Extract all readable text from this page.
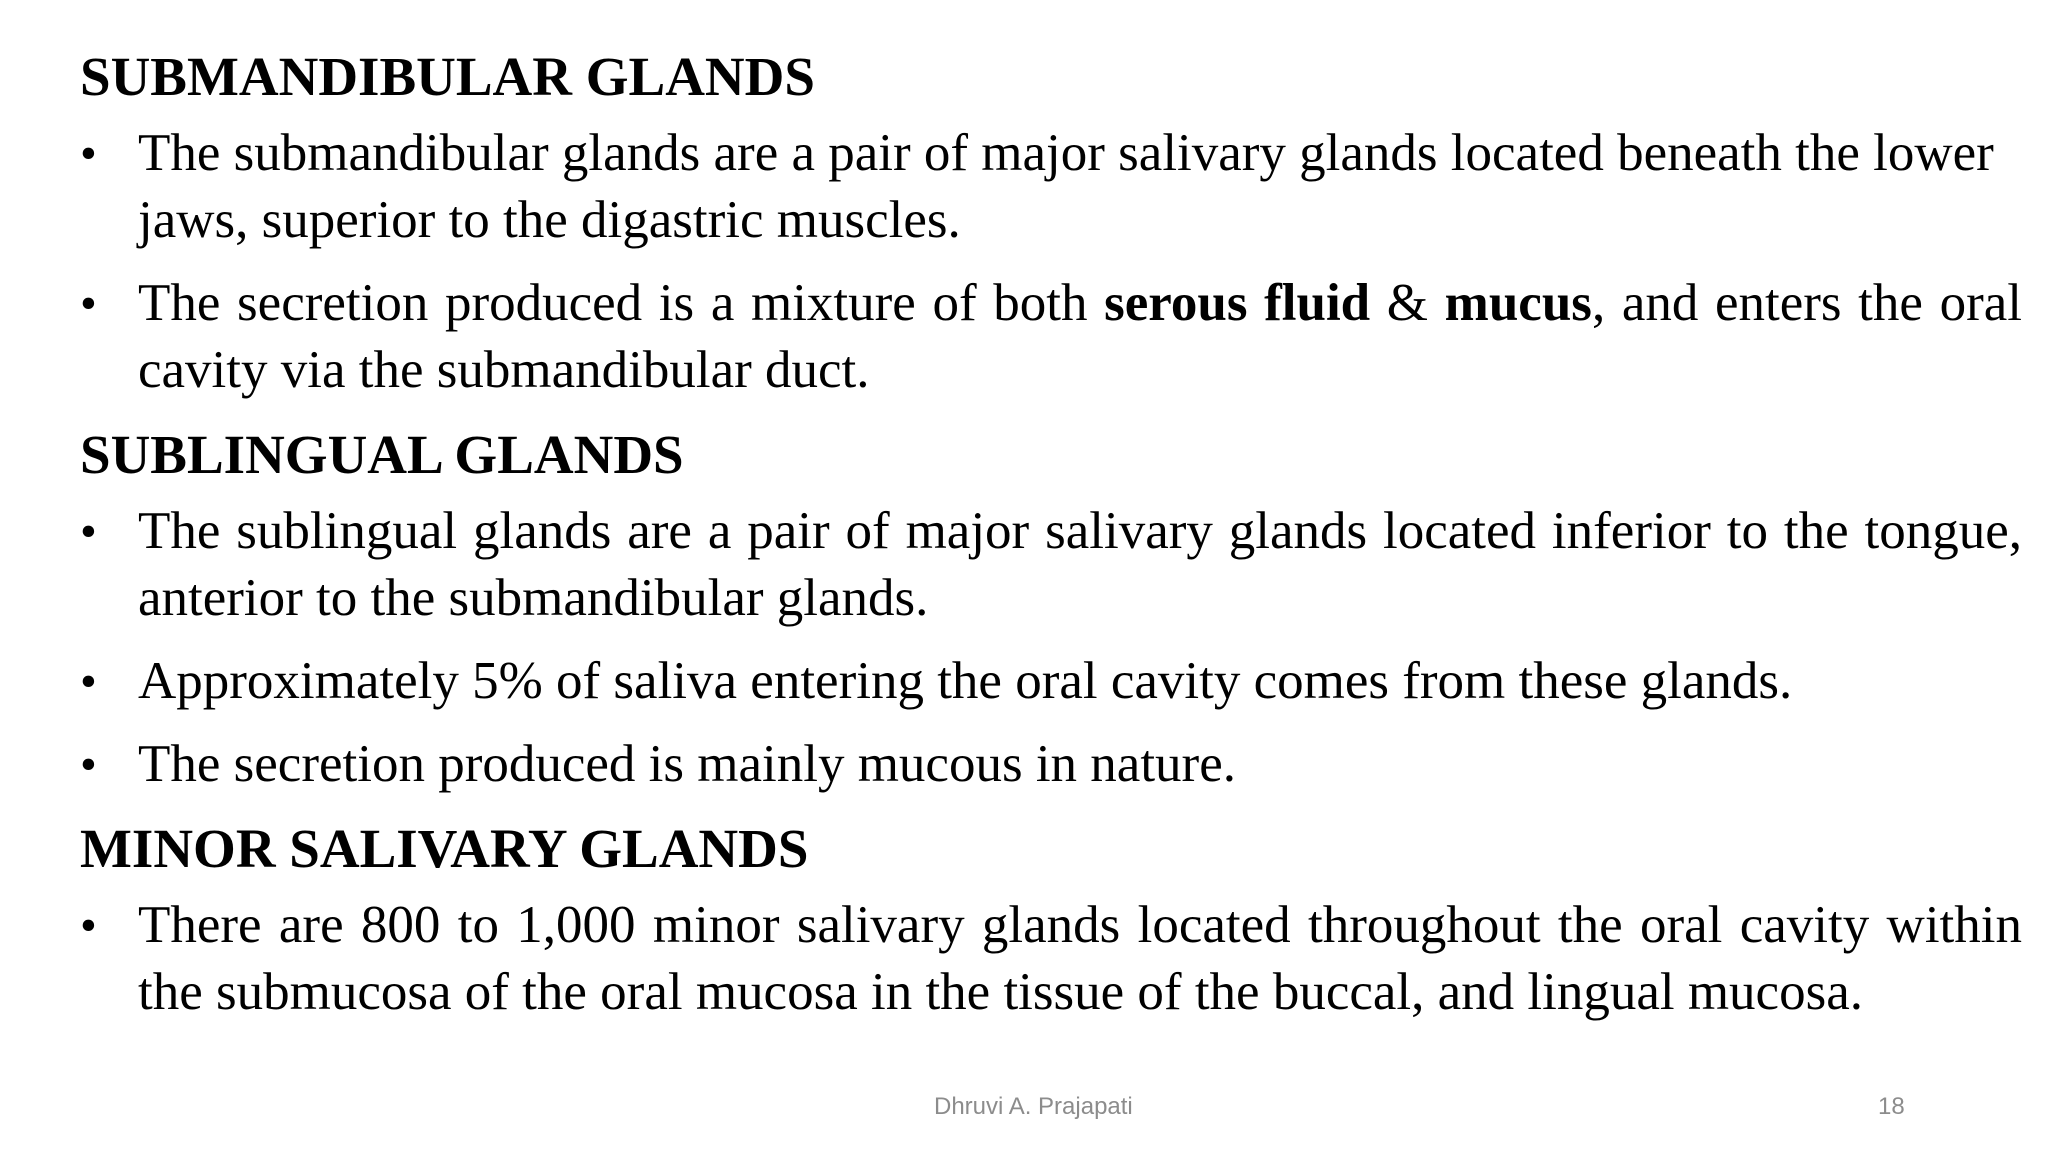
SUBMANDIBULAR GLANDS
• The submandibular glands are a pair of major salivary glands located beneath the lower jaws, superior to the digastric muscles.
• The secretion produced is a mixture of both serous fluid & mucus, and enters the oral cavity via the submandibular duct.
SUBLINGUAL GLANDS
• The sublingual glands are a pair of major salivary glands located inferior to the tongue, anterior to the submandibular glands.
• Approximately 5% of saliva entering the oral cavity comes from these glands.
• The secretion produced is mainly mucous in nature.
MINOR SALIVARY GLANDS
• There are 800 to 1,000 minor salivary glands located throughout the oral cavity within the submucosa of the oral mucosa in the tissue of the buccal, and lingual mucosa.
Dhruvi A. Prajapati	18
